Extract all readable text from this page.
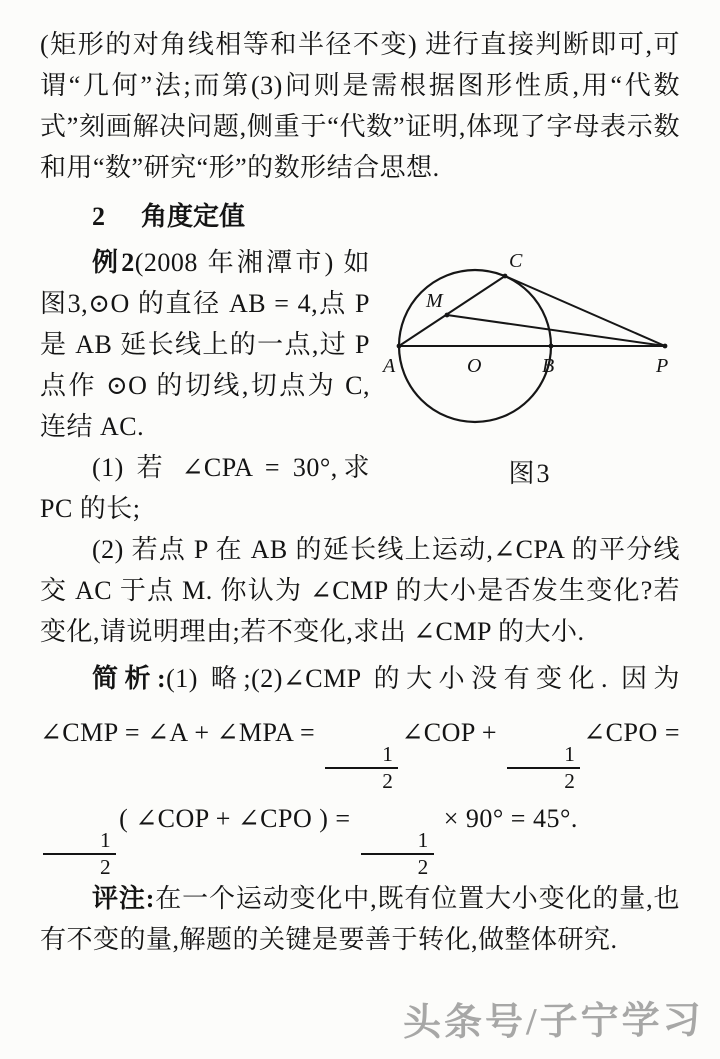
(矩形的对角线相等和半径不变) 进行直接判断即可,可谓“几何”法;而第(3)问则是需根据图形性质,用“代数式”刻画解决问题,侧重于“代数”证明,体现了字母表示数和用“数”研究“形”的数形结合思想.

2 角度定值

C
M
A	O	B	P
图3

例2(2008 年湘潭市) 如图3,⊙O 的直径 AB = 4,点 P 是 AB 延长线上的一点,过 P 点作 ⊙O 的切线,切点为 C,连结 AC.

(1) 若 ∠CPA = 30°,求 PC 的长;

(2) 若点 P 在 AB 的延长线上运动,∠CPA 的平分线交 AC 于点 M. 你认为 ∠CMP 的大小是否发生变化?若变化,请说明理由;若不变化,求出 ∠CMP 的大小.

简析:(1) 略;(2)∠CMP 的大小没有变化. 因为 ∠CMP = ∠A + ∠MPA =
$\frac{1}{2}$
∠COP +
$\frac{1}{2}$
∠CPO =
$\frac{1}{2}$
( ∠COP + ∠CPO ) =
$\frac{1}{2}$
× 90° = 45°.

评注:在一个运动变化中,既有位置大小变化的量,也有不变的量,解题的关键是要善于转化,做整体研究.

头条号/子宁学习
